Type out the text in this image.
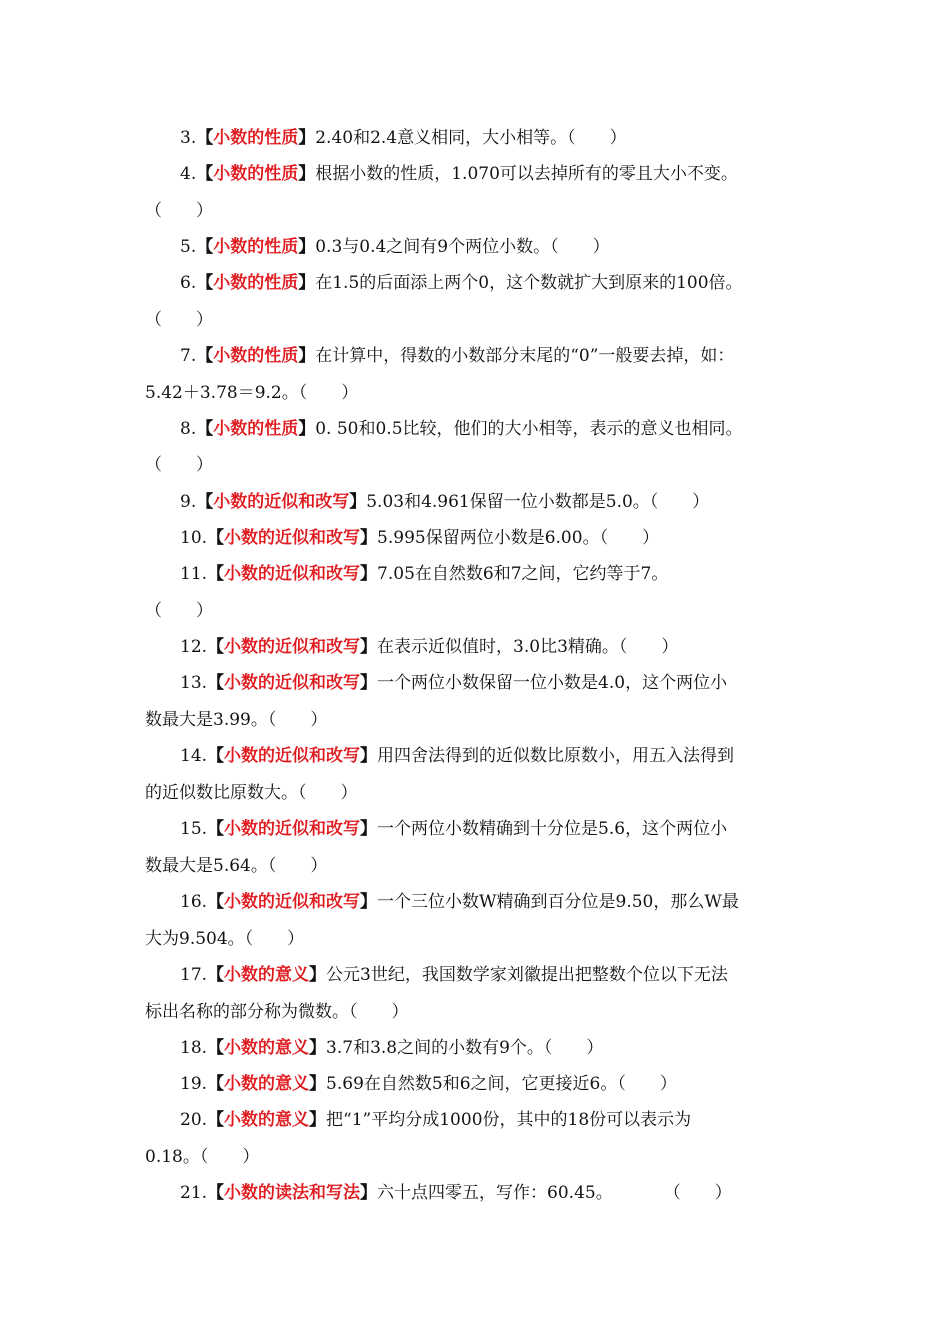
3.【小数的性质】2.40和2.4意义相同，大小相等。（　　）
4.【小数的性质】根据小数的性质，1.070可以去掉所有的零且大小不变。
（　　）
5.【小数的性质】0.3与0.4之间有9个两位小数。（　　）
6.【小数的性质】在1.5的后面添上两个0，这个数就扩大到原来的100倍。
（　　）
7.【小数的性质】在计算中，得数的小数部分末尾的“0”一般要去掉，如：
5.42＋3.78＝9.2。（　　）
8.【小数的性质】0. 50和0.5比较，他们的大小相等，表示的意义也相同。
（　　）
9.【小数的近似和改写】5.03和4.961保留一位小数都是5.0。（　　）
10.【小数的近似和改写】5.995保留两位小数是6.00。（　　）
11.【小数的近似和改写】7.05在自然数6和7之间，它约等于7。
（　　）
12.【小数的近似和改写】在表示近似值时，3.0比3精确。（　　）
13.【小数的近似和改写】一个两位小数保留一位小数是4.0，这个两位小
数最大是3.99。（　　）
14.【小数的近似和改写】用四舍法得到的近似数比原数小，用五入法得到
的近似数比原数大。（　　）
15.【小数的近似和改写】一个两位小数精确到十分位是5.6，这个两位小
数最大是5.64。（　　）
16.【小数的近似和改写】一个三位小数W精确到百分位是9.50，那么W最
大为9.504。（　　）
17.【小数的意义】公元3世纪，我国数学家刘徽提出把整数个位以下无法
标出名称的部分称为微数。（　　）
18.【小数的意义】3.7和3.8之间的小数有9个。（　　）
19.【小数的意义】5.69在自然数5和6之间，它更接近6。（　　）
20.【小数的意义】把“1”平均分成1000份，其中的18份可以表示为
0.18。（　　）
21.【小数的读法和写法】六十点四零五，写作：60.45。　　　　（　　）
